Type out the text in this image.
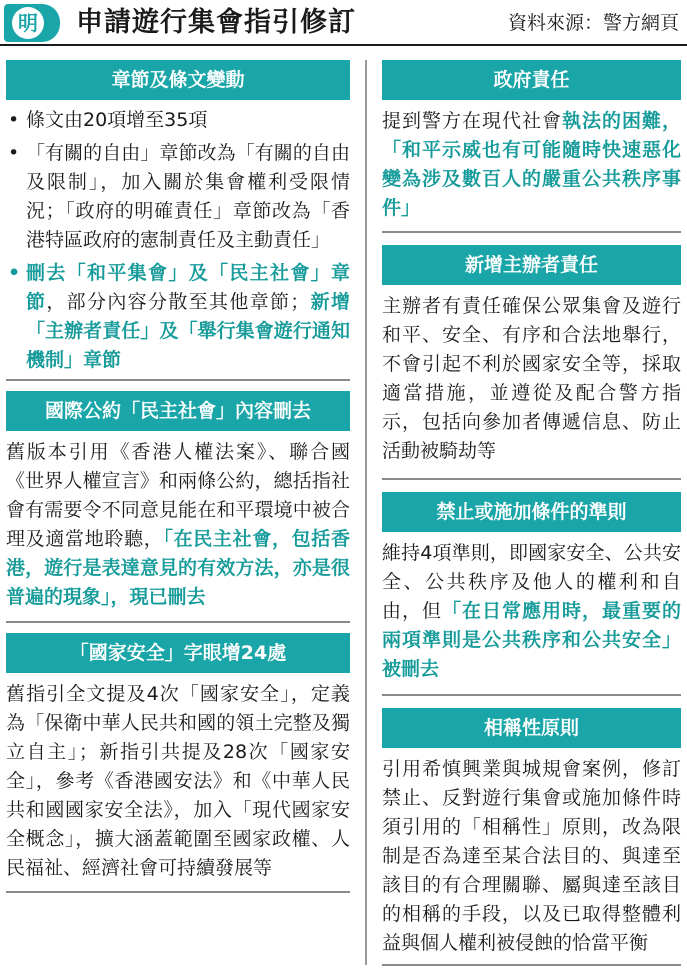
明 申請遊行集會指引修訂	資料來源：警方網頁
章節及條文變動
• 條文由20項增至35項
• 「有關的自由」章節改為「有關的自由及限制」，加入關於集會權利受限情況；「政府的明確責任」章節改為「香港特區政府的憲制責任及主動責任」
• 刪去「和平集會」及「民主社會」章節，部分內容分散至其他章節；新增「主辦者責任」及「舉行集會遊行通知機制」章節
國際公約「民主社會」內容刪去

舊版本引用《香港人權法案》、聯合國《世界人權宣言》和兩條公約，總括指社會有需要令不同意見能在和平環境中被合理及適當地聆聽，「在民主社會，包括香港，遊行是表達意見的有效方法，亦是很普遍的現象」，現已刪去

「國家安全」字眼增24處

舊指引全文提及4次「國家安全」，定義為「保衛中華人民共和國的領土完整及獨立自主」；新指引共提及28次「國家安全」，參考《香港國安法》和《中華人民共和國國家安全法》，加入「現代國家安全概念」，擴大涵蓋範圍至國家政權、人民福祉、經濟社會可持續發展等

政府責任

提到警方在現代社會執法的困難，「和平示威也有可能隨時快速惡化變為涉及數百人的嚴重公共秩序事件」

新增主辦者責任

主辦者有責任確保公眾集會及遊行和平、安全、有序和合法地舉行，不會引起不利於國家安全等，採取適當措施，並遵從及配合警方指示，包括向參加者傳遞信息、防止活動被騎劫等

禁止或施加條件的準則

維持4項準則，即國家安全、公共安全、公共秩序及他人的權利和自由，但「在日常應用時，最重要的兩項準則是公共秩序和公共安全」被刪去

相稱性原則

引用希慎興業與城規會案例，修訂禁止、反對遊行集會或施加條件時須引用的「相稱性」原則，改為限制是否為達至某合法目的、與達至該目的有合理關聯、屬與達至該目的相稱的手段，以及已取得整體利益與個人權利被侵蝕的恰當平衡
